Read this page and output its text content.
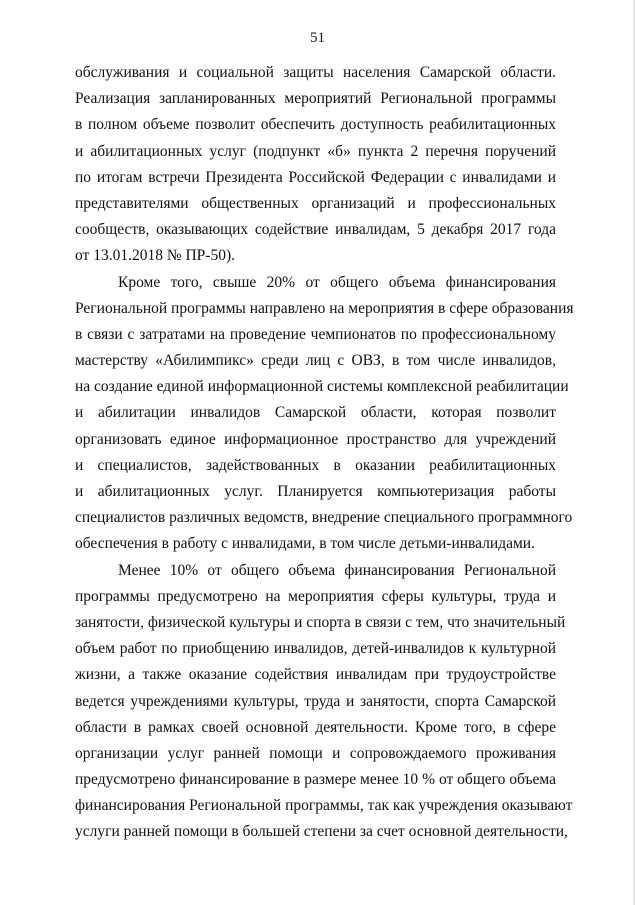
51
обслуживания и социальной защиты населения Самарской области.
Реализация запланированных мероприятий Региональной программы
в полном объеме позволит обеспечить доступность реабилитационных
и абилитационных услуг (подпункт «б» пункта 2 перечня поручений
по итогам встречи Президента Российской Федерации с инвалидами и
представителями общественных организаций и профессиональных
сообществ, оказывающих содействие инвалидам, 5 декабря 2017 года
от 13.01.2018 № ПР-50).
Кроме того, свыше 20% от общего объема финансирования
Региональной программы направлено на мероприятия в сфере образования
в связи с затратами на проведение чемпионатов по профессиональному
мастерству «Абилимпикс» среди лиц с ОВЗ, в том числе инвалидов,
на создание единой информационной системы комплексной реабилитации
и абилитации инвалидов Самарской области, которая позволит
организовать единое информационное пространство для учреждений
и специалистов, задействованных в оказании реабилитационных
и абилитационных услуг. Планируется компьютеризация работы
специалистов различных ведомств, внедрение специального программного
обеспечения в работу с инвалидами, в том числе детьми-инвалидами.
Менее 10% от общего объема финансирования Региональной
программы предусмотрено на мероприятия сферы культуры, труда и
занятости, физической культуры и спорта в связи с тем, что значительный
объем работ по приобщению инвалидов, детей-инвалидов к культурной
жизни, а также оказание содействия инвалидам при трудоустройстве
ведется учреждениями культуры, труда и занятости, спорта Самарской
области в рамках своей основной деятельности. Кроме того, в сфере
организации услуг ранней помощи и сопровождаемого проживания
предусмотрено финансирование в размере менее 10 % от общего объема
финансирования Региональной программы, так как учреждения оказывают
услуги ранней помощи в большей степени за счет основной деятельности,
